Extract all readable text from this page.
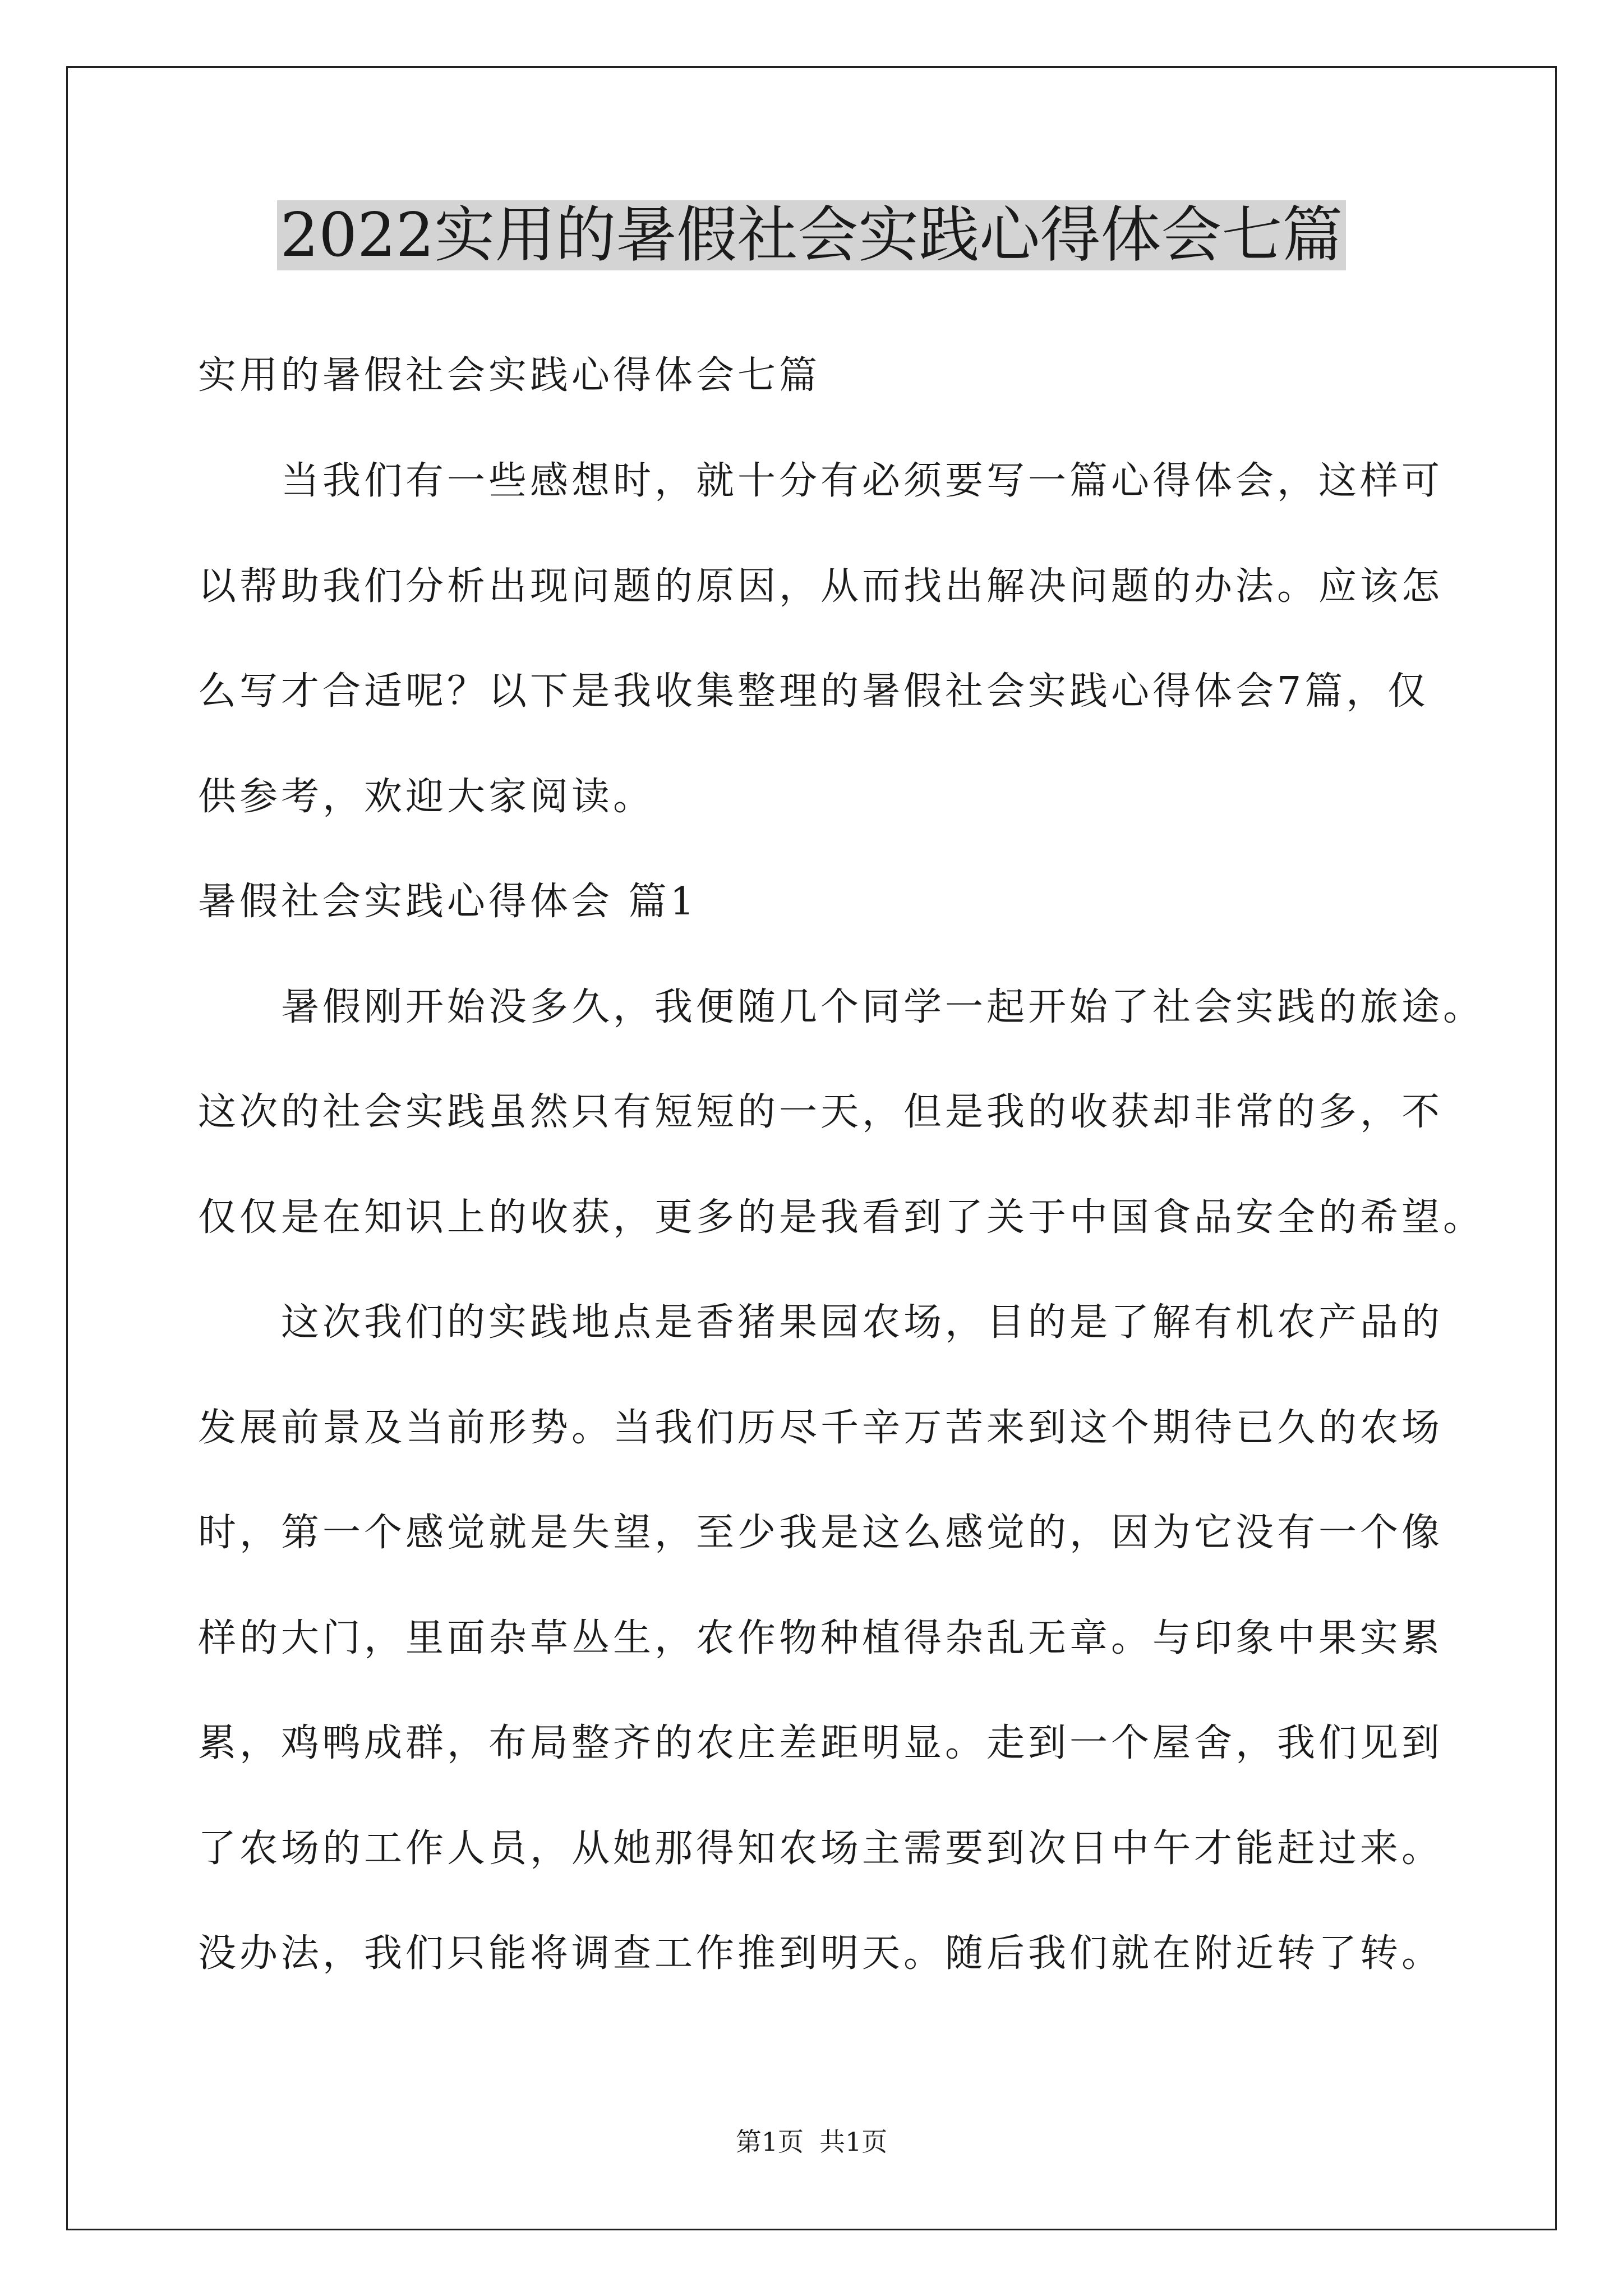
2022实用的暑假社会实践心得体会七篇

实用的暑假社会实践心得体会七篇

　　当我们有一些感想时，就十分有必须要写一篇心得体会，这样可

以帮助我们分析出现问题的原因，从而找出解决问题的办法。应该怎

么写才合适呢？以下是我收集整理的暑假社会实践心得体会7篇，仅

供参考，欢迎大家阅读。

暑假社会实践心得体会 篇1

　　暑假刚开始没多久，我便随几个同学一起开始了社会实践的旅途。

这次的社会实践虽然只有短短的一天，但是我的收获却非常的多，不

仅仅是在知识上的收获，更多的是我看到了关于中国食品安全的希望。

　　这次我们的实践地点是香猪果园农场，目的是了解有机农产品的

发展前景及当前形势。当我们历尽千辛万苦来到这个期待已久的农场

时，第一个感觉就是失望，至少我是这么感觉的，因为它没有一个像

样的大门，里面杂草丛生，农作物种植得杂乱无章。与印象中果实累

累，鸡鸭成群，布局整齐的农庄差距明显。走到一个屋舍，我们见到

了农场的工作人员，从她那得知农场主需要到次日中午才能赶过来。

没办法，我们只能将调查工作推到明天。随后我们就在附近转了转。

第1页 共1页
